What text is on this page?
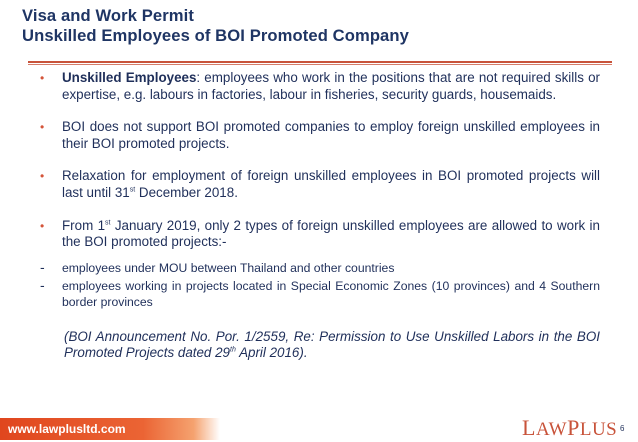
Visa and Work Permit
Unskilled Employees of BOI Promoted Company
• Unskilled Employees: employees who work in the positions that are not required skills or expertise, e.g. labours in factories, labour in fisheries, security guards, housemaids.
• BOI does not support BOI promoted companies to employ foreign unskilled employees in their BOI promoted projects.
• Relaxation for employment of foreign unskilled employees in BOI promoted projects will last until 31st December 2018.
• From 1st January 2019, only 2 types of foreign unskilled employees are allowed to work in the BOI promoted projects:-
- employees under MOU between Thailand and other countries
- employees working in projects located in Special Economic Zones (10 provinces) and 4 Southern border provinces
(BOI Announcement No. Por. 1/2559, Re: Permission to Use Unskilled Labors in the BOI Promoted Projects dated 29th April 2016).
www.lawplusltd.com	LAWPLUS 6
